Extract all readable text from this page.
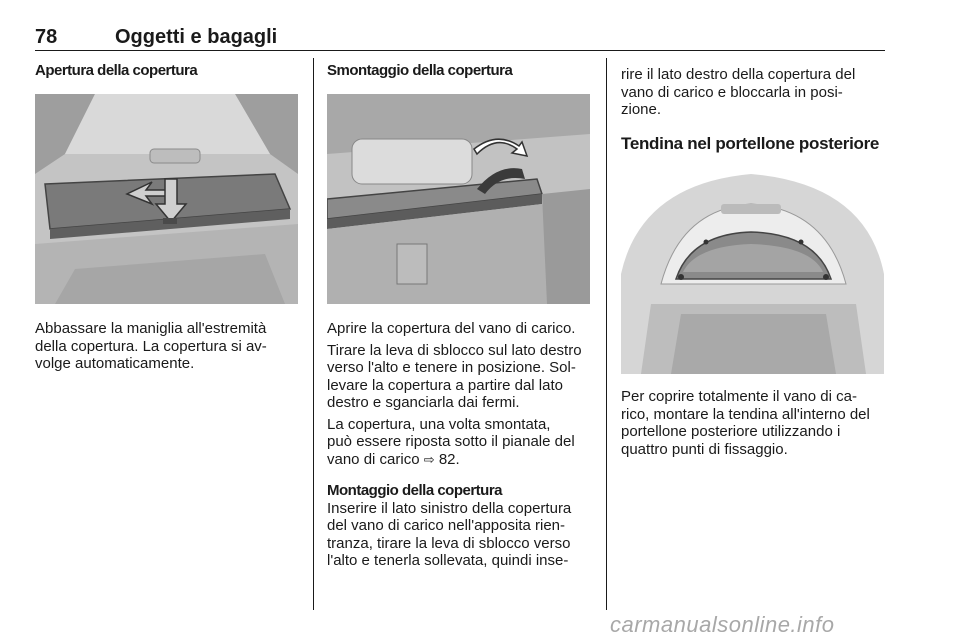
78	Oggetti e bagagli
Apertura della copertura

Abbassare la maniglia all'estremità

della copertura. La copertura si av-

volge automaticamente.

Smontaggio della copertura

Aprire la copertura del vano di carico.

Tirare la leva di sblocco sul lato destro

verso l'alto e tenere in posizione. Sol-

levare la copertura a partire dal lato

destro e sganciarla dai fermi.

La copertura, una volta smontata,

può essere riposta sotto il pianale del

vano di carico ⇨ 82.

Montaggio della copertura

Inserire il lato sinistro della copertura

del vano di carico nell'apposita rien-

tranza, tirare la leva di sblocco verso

l'alto e tenerla sollevata, quindi inse-

rire il lato destro della copertura del

vano di carico e bloccarla in posi-

zione.

Tendina nel portellone posteriore

Per coprire totalmente il vano di ca-

rico, montare la tendina all'interno del

portellone posteriore utilizzando i

quattro punti di fissaggio.

carmanualsonline.info
